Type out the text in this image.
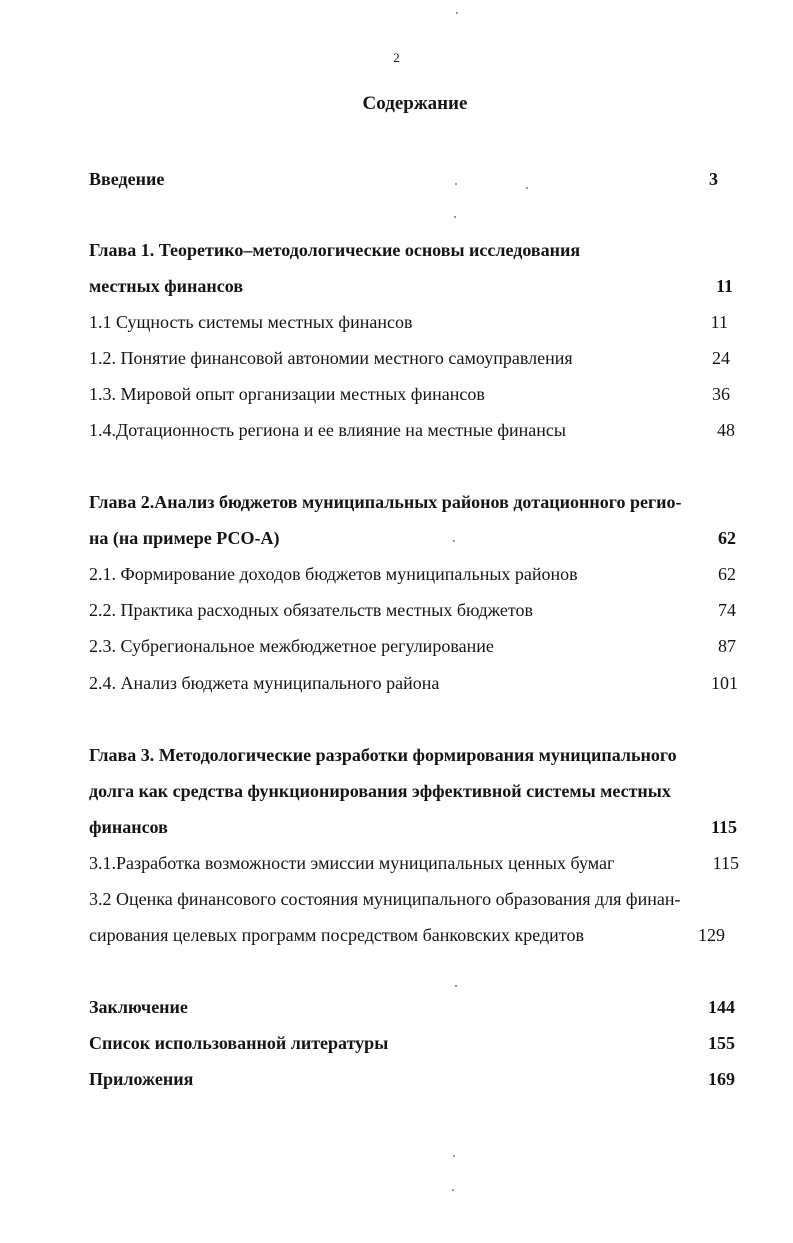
2
Содержание
Введение	3
Глава 1. Теоретико–методологические основы исследования
местных финансов	11
1.1 Сущность системы местных финансов	11
1.2. Понятие финансовой автономии местного самоуправления	24
1.3. Мировой опыт организации местных финансов	36
1.4.Дотационность региона и ее влияние на местные финансы	48
Глава 2.Анализ бюджетов муниципальных районов дотационного регио-
на (на примере РСО-А)	62
2.1. Формирование доходов бюджетов муниципальных районов	62
2.2. Практика расходных обязательств местных бюджетов	74
2.3. Субрегиональное межбюджетное регулирование	87
2.4. Анализ бюджета муниципального района	101
Глава 3. Методологические разработки формирования муниципального
долга как средства функционирования эффективной системы местных
финансов	115
3.1.Разработка возможности эмиссии муниципальных ценных бумаг	115
3.2 Оценка финансового состояния муниципального образования для финан-
сирования целевых программ посредством банковских кредитов	129
Заключение	144
Список использованной литературы	155
Приложения	169
